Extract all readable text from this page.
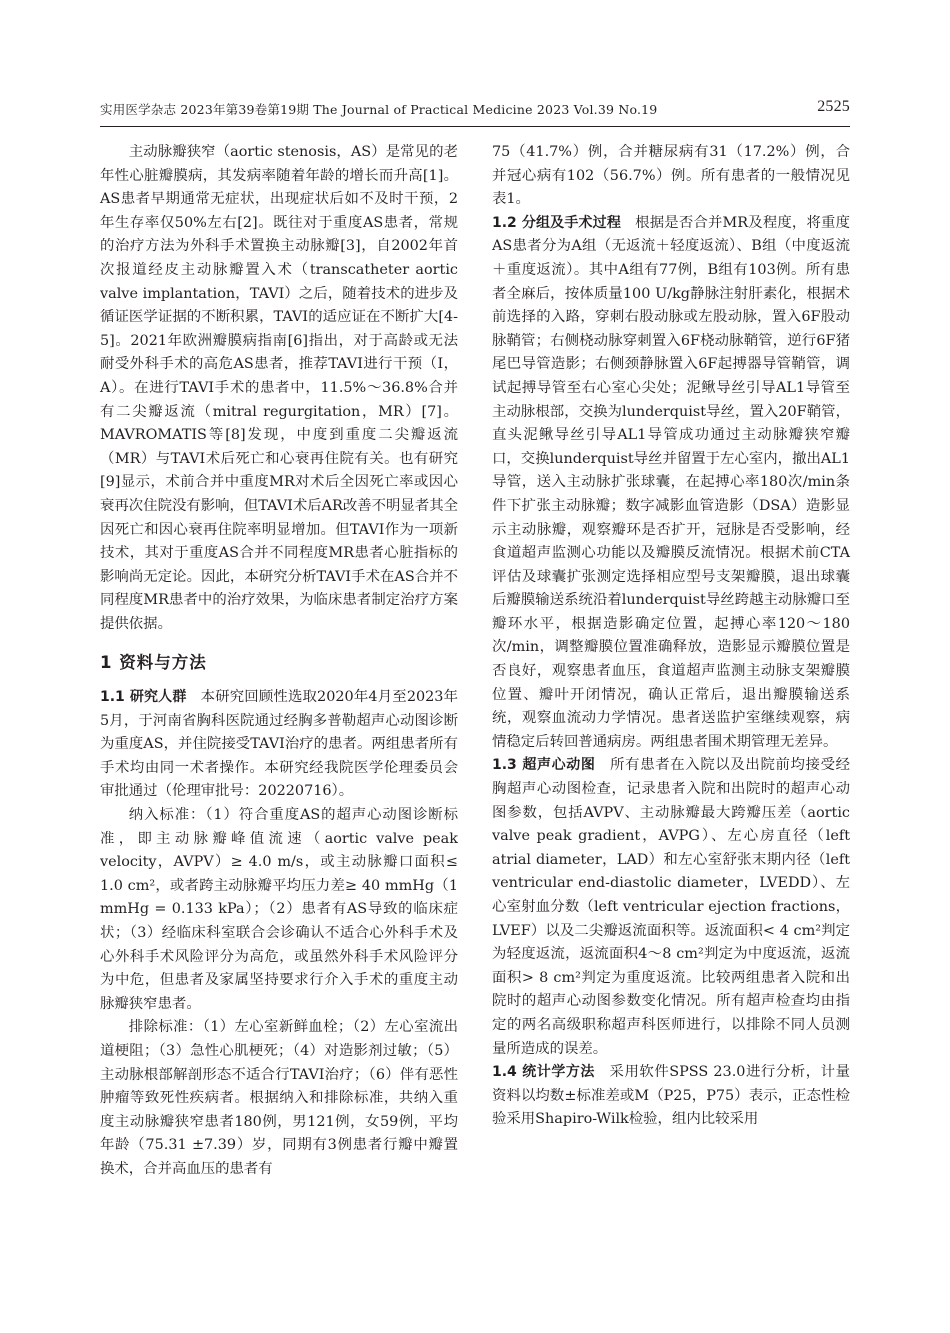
实用医学杂志 2023年第39卷第19期 The Journal of Practical Medicine 2023 Vol.39 No.19	2525

主动脉瓣狭窄（aortic stenosis，AS）是常见的老年性心脏瓣膜病，其发病率随着年龄的增长而升高[1]。AS患者早期通常无症状，出现症状后如不及时干预，2年生存率仅50%左右[2]。既往对于重度AS患者，常规的治疗方法为外科手术置换主动脉瓣[3]，自2002年首次报道经皮主动脉瓣置入术（transcatheter aortic valve implantation，TAVI）之后，随着技术的进步及循证医学证据的不断积累，TAVI的适应证在不断扩大[4-5]。2021年欧洲瓣膜病指南[6]指出，对于高龄或无法耐受外科手术的高危AS患者，推荐TAVI进行干预（I，A）。在进行TAVI手术的患者中，11.5%～36.8%合并有二尖瓣返流（mitral regurgitation，MR）[7]。MAVROMATIS等[8]发现，中度到重度二尖瓣返流（MR）与TAVI术后死亡和心衰再住院有关。也有研究[9]显示，术前合并中重度MR对术后全因死亡率或因心衰再次住院没有影响，但TAVI术后AR改善不明显者其全因死亡和因心衰再住院率明显增加。但TAVI作为一项新技术，其对于重度AS合并不同程度MR患者心脏指标的影响尚无定论。因此，本研究分析TAVI手术在AS合并不同程度MR患者中的治疗效果，为临床患者制定治疗方案提供依据。

1 资料与方法

1.1 研究人群 本研究回顾性选取2020年4月至2023年5月，于河南省胸科医院通过经胸多普勒超声心动图诊断为重度AS，并住院接受TAVI治疗的患者。两组患者所有手术均由同一术者操作。本研究经我院医学伦理委员会审批通过（伦理审批号：20220716）。

纳入标准：（1）符合重度AS的超声心动图诊断标准，即主动脉瓣峰值流速（aortic valve peak velocity，AVPV）≥ 4.0 m/s，或主动脉瓣口面积≤ 1.0 cm²，或者跨主动脉瓣平均压力差≥ 40 mmHg（1 mmHg = 0.133 kPa）；（2）患者有AS导致的临床症状；（3）经临床科室联合会诊确认不适合心外科手术及心外科手术风险评分为高危，或虽然外科手术风险评分为中危，但患者及家属坚持要求行介入手术的重度主动脉瓣狭窄患者。

排除标准：（1）左心室新鲜血栓；（2）左心室流出道梗阻；（3）急性心肌梗死；（4）对造影剂过敏；（5）主动脉根部解剖形态不适合行TAVI治疗；（6）伴有恶性肿瘤等致死性疾病者。根据纳入和排除标准，共纳入重度主动脉瓣狭窄患者180例，男121例，女59例，平均年龄（75.31 ±7.39）岁，同期有3例患者行瓣中瓣置换术，合并高血压的患者有

75（41.7%）例，合并糖尿病有31（17.2%）例，合并冠心病有102（56.7%）例。所有患者的一般情况见表1。

1.2 分组及手术过程 根据是否合并MR及程度，将重度AS患者分为A组（无返流＋轻度返流）、B组（中度返流＋重度返流）。其中A组有77例，B组有103例。所有患者全麻后，按体质量100 U/kg静脉注射肝素化，根据术前选择的入路，穿刺右股动脉或左股动脉，置入6F股动脉鞘管；右侧桡动脉穿刺置入6F桡动脉鞘管，逆行6F猪尾巴导管造影；右侧颈静脉置入6F起搏器导管鞘管，调试起搏导管至右心室心尖处；泥鳅导丝引导AL1导管至主动脉根部，交换为lunderquist导丝，置入20F鞘管，直头泥鳅导丝引导AL1导管成功通过主动脉瓣狭窄瓣口，交换lunderquist导丝并留置于左心室内，撤出AL1导管，送入主动脉扩张球囊，在起搏心率180次/min条件下扩张主动脉瓣；数字减影血管造影（DSA）造影显示主动脉瓣，观察瓣环是否扩开，冠脉是否受影响，经食道超声监测心功能以及瓣膜反流情况。根据术前CTA评估及球囊扩张测定选择相应型号支架瓣膜，退出球囊后瓣膜输送系统沿着lunderquist导丝跨越主动脉瓣口至瓣环水平，根据造影确定位置，起搏心率120～180次/min，调整瓣膜位置准确释放，造影显示瓣膜位置是否良好，观察患者血压，食道超声监测主动脉支架瓣膜位置、瓣叶开闭情况，确认正常后，退出瓣膜输送系统，观察血流动力学情况。患者送监护室继续观察，病情稳定后转回普通病房。两组患者围术期管理无差异。

1.3 超声心动图 所有患者在入院以及出院前均接受经胸超声心动图检查，记录患者入院和出院时的超声心动图参数，包括AVPV、主动脉瓣最大跨瓣压差（aortic valve peak gradient，AVPG）、左心房直径（left atrial diameter，LAD）和左心室舒张末期内径（left ventricular end-diastolic diameter，LVEDD）、左心室射血分数（left ventricular ejection fractions，LVEF）以及二尖瓣返流面积等。返流面积< 4 cm²判定为轻度返流，返流面积4～8 cm²判定为中度返流，返流面积> 8 cm²判定为重度返流。比较两组患者入院和出院时的超声心动图参数变化情况。所有超声检查均由指定的两名高级职称超声科医师进行，以排除不同人员测量所造成的误差。

1.4 统计学方法 采用软件SPSS 23.0进行分析，计量资料以均数±标准差或M（P25，P75）表示，正态性检验采用Shapiro-Wilk检验，组内比较采用
